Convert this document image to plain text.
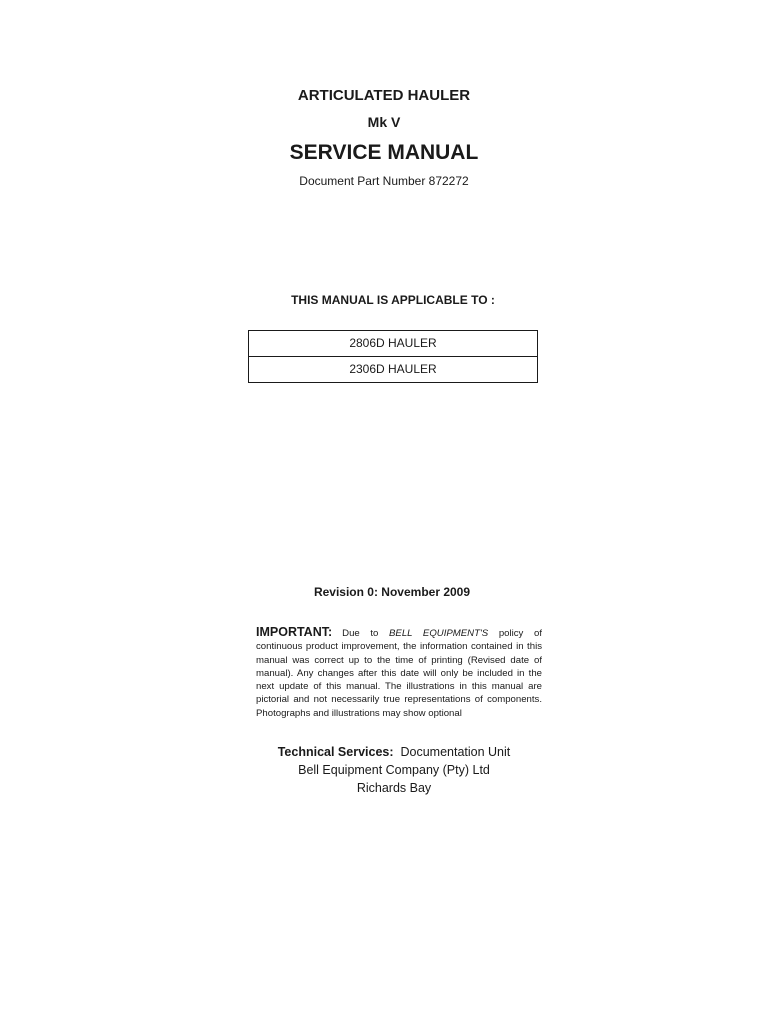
ARTICULATED HAULER
Mk V
SERVICE MANUAL
Document Part Number 872272
THIS MANUAL IS APPLICABLE TO :
2806D HAULER
2306D HAULER
Revision 0: November 2009
IMPORTANT: Due to BELL EQUIPMENT'S policy of continuous product improvement, the information contained in this manual was correct up to the time of printing (Revised date of manual). Any changes after this date will only be included in the next update of this manual. The illustrations in this manual are pictorial and not necessarily true representations of components. Photographs and illustrations may show optional
Technical Services: Documentation Unit
Bell Equipment Company (Pty) Ltd
Richards Bay
